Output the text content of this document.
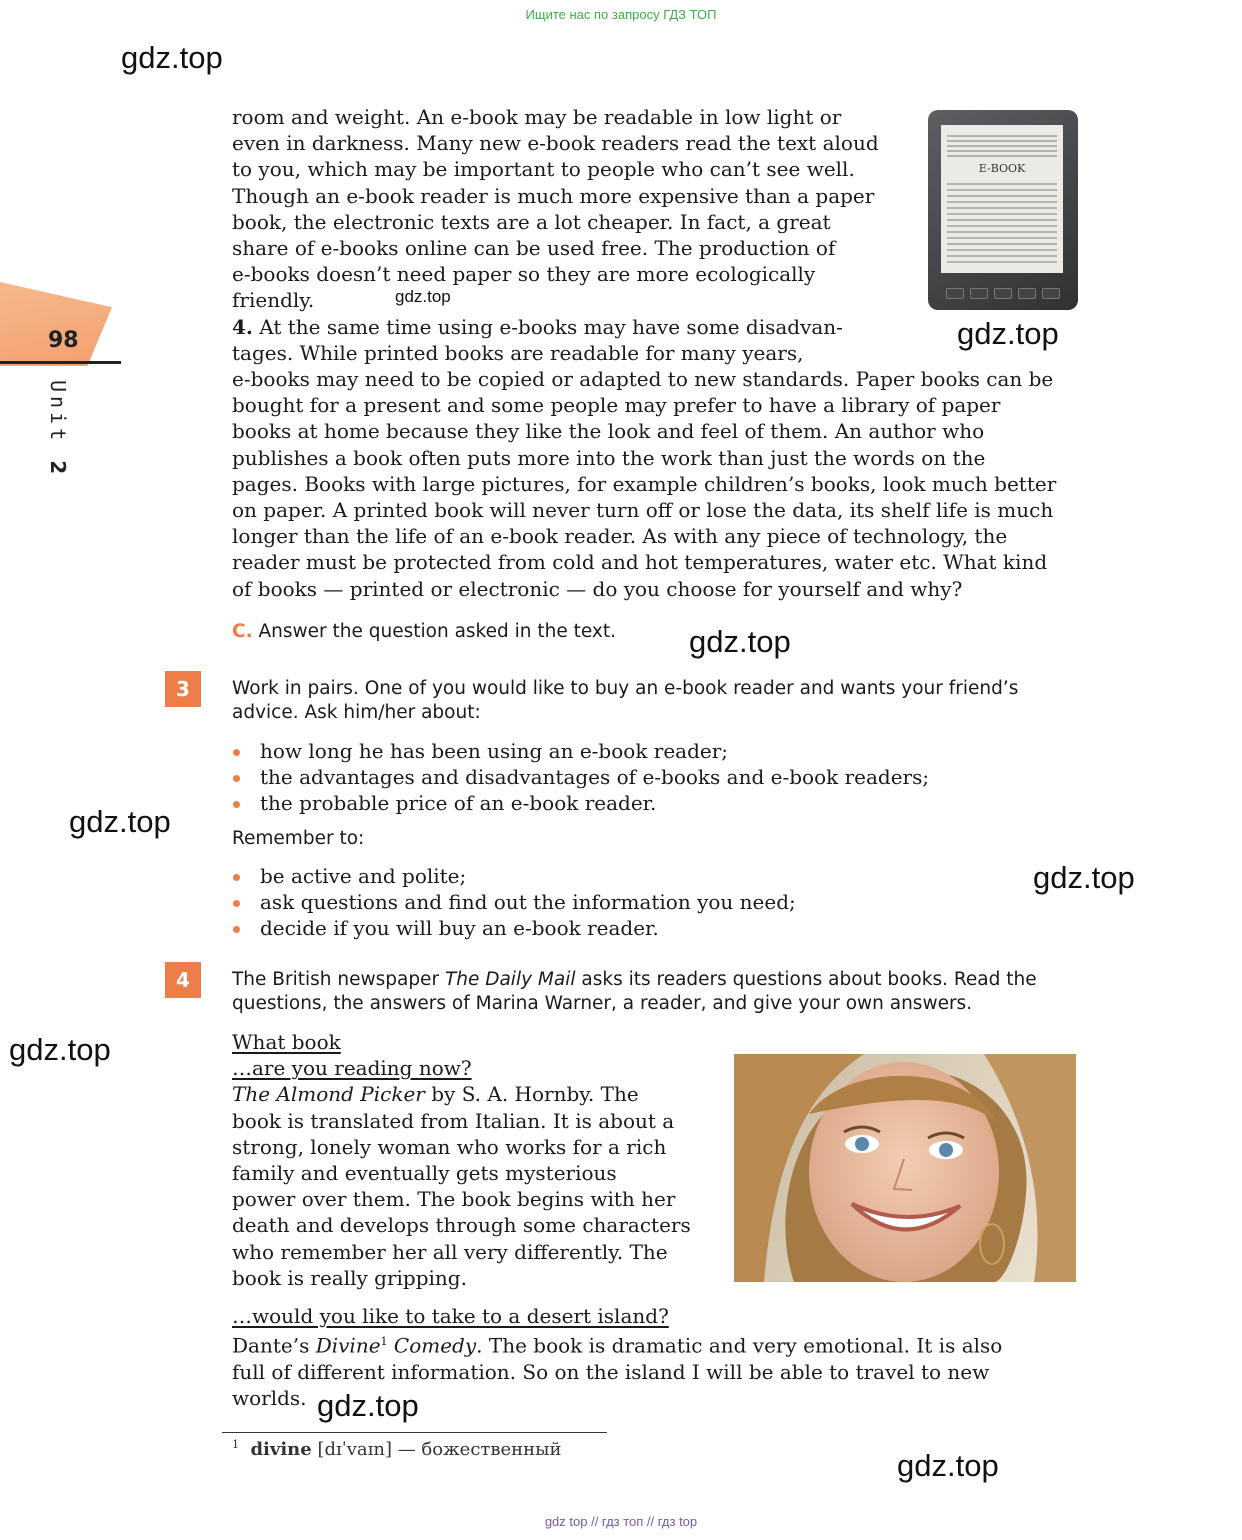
Ищите нас по запросу ГДЗ ТОП
gdz.top
98
Unit 2
E-BOOK

room and weight. An e-book may be readable in low light or

even in darkness. Many new e-book readers read the text aloud

to you, which may be important to people who can’t see well.

Though an e-book reader is much more expensive than a paper

book, the electronic texts are a lot cheaper. In fact, a great

share of e-books online can be used free. The production of

e-books doesn’t need paper so they are more ecologically

friendly.	gdz.top
gdz.top

4. At the same time using e-books may have some disadvan-

tages. While printed books are readable for many years,

e-books may need to be copied or adapted to new standards. Paper books can be

bought for a present and some people may prefer to have a library of paper

books at home because they like the look and feel of them. An author who

publishes a book often puts more into the work than just the words on the

pages. Books with large pictures, for example children’s books, look much better

on paper. A printed book will never turn off or lose the data, its shelf life is much

longer than the life of an e-book reader. As with any piece of technology, the

reader must be protected from cold and hot temperatures, water etc. What kind

of books — printed or electronic — do you choose for yourself and why?

C. Answer the question asked in the text. gdz.top
3	Work in pairs. One of you would like to buy an e-book reader and wants your friend’s
advice. Ask him/her about:
how long he has been using an e-book reader;
the advantages and disadvantages of e-books and e-book readers;
the probable price of an e-book reader.
gdz.top	Remember to:
be active and polite;
ask questions and find out the information you need;
decide if you will buy an e-book reader.
gdz.top
4	The British newspaper The Daily Mail asks its readers questions about books. Read the
questions, the answers of Marina Warner, a reader, and give your own answers.
gdz.top	What book

…are you reading now?

The Almond Picker by S. A. Hornby. The

book is translated from Italian. It is about a

strong, lonely woman who works for a rich

family and eventually gets mysterious

power over them. The book begins with her

death and develops through some characters

who remember her all very differently. The

book is really gripping.

…would you like to take to a desert island?

Dante’s Divine$^1$ Comedy. The book is dramatic and very emotional. It is also

full of different information. So on the island I will be able to travel to new

worlds. gdz.top
$^1$ divine [dɪˈvaɪn] — божественный	gdz.top
gdz top // гдз топ // гдз top
